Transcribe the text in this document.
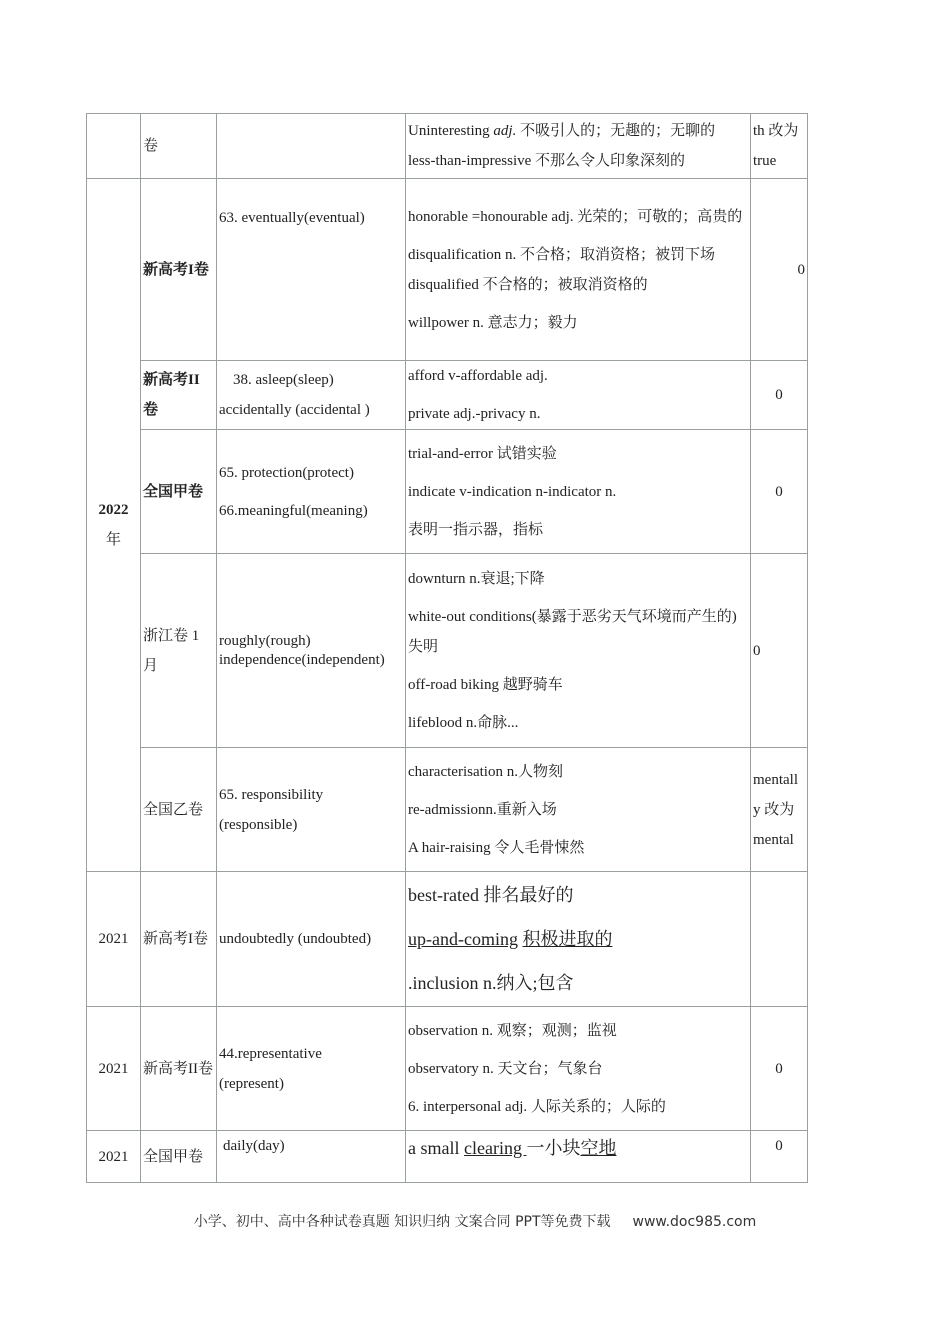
	卷		Uninteresting adj. 不吸引人的；无趣的；无聊的
less-than-impressive 不那么令人印象深刻的	th 改为 true

2022
年	新高考I卷	63. eventually(eventual)	honorable =honourable adj. 光荣的；可敬的；高贵的
disqualification n. 不合格；取消资格；被罚下场
disqualified 不合格的；被取消资格的
willpower n. 意志力；毅力	0
	新高考II卷	38. asleep(sleep)
accidentally (accidental )	afford v-affordable adj.
private adj.-privacy n.	0
	全国甲卷	65. protection(protect)
66.meaningful(meaning)	trial-and-error 试错实验
indicate v-indication n-indicator n.
表明一指示器，指标	0
	浙江卷 1 月	roughly(rough)
independence(independent)	downturn n.衰退;下降
white-out conditions(暴露于恶劣天气环境而产生的)失明
off-road biking 越野骑车
lifeblood n.命脉...	0
	全国乙卷	65. responsibility
(responsible)	characterisation n.人物刻
re-admissionn.重新入场
A hair-raising 令人毛骨悚然	mentally 改为 mental
2021	新高考I卷	undoubtedly (undoubted)	best-rated 排名最好的
up-and-coming 积极进取的
.inclusion n.纳入;包含	

2021	新高考II卷	44.representative
(represent)	observation n. 观察；观测；监视
observatory n. 天文台；气象台
6. interpersonal adj. 人际关系的；人际的	0
2021	全国甲卷	daily(day)	a small clearing 一小块空地	0
小学、初中、高中各种试卷真题 知识归纳 文案合同 PPT等免费下载 www.doc985.com
